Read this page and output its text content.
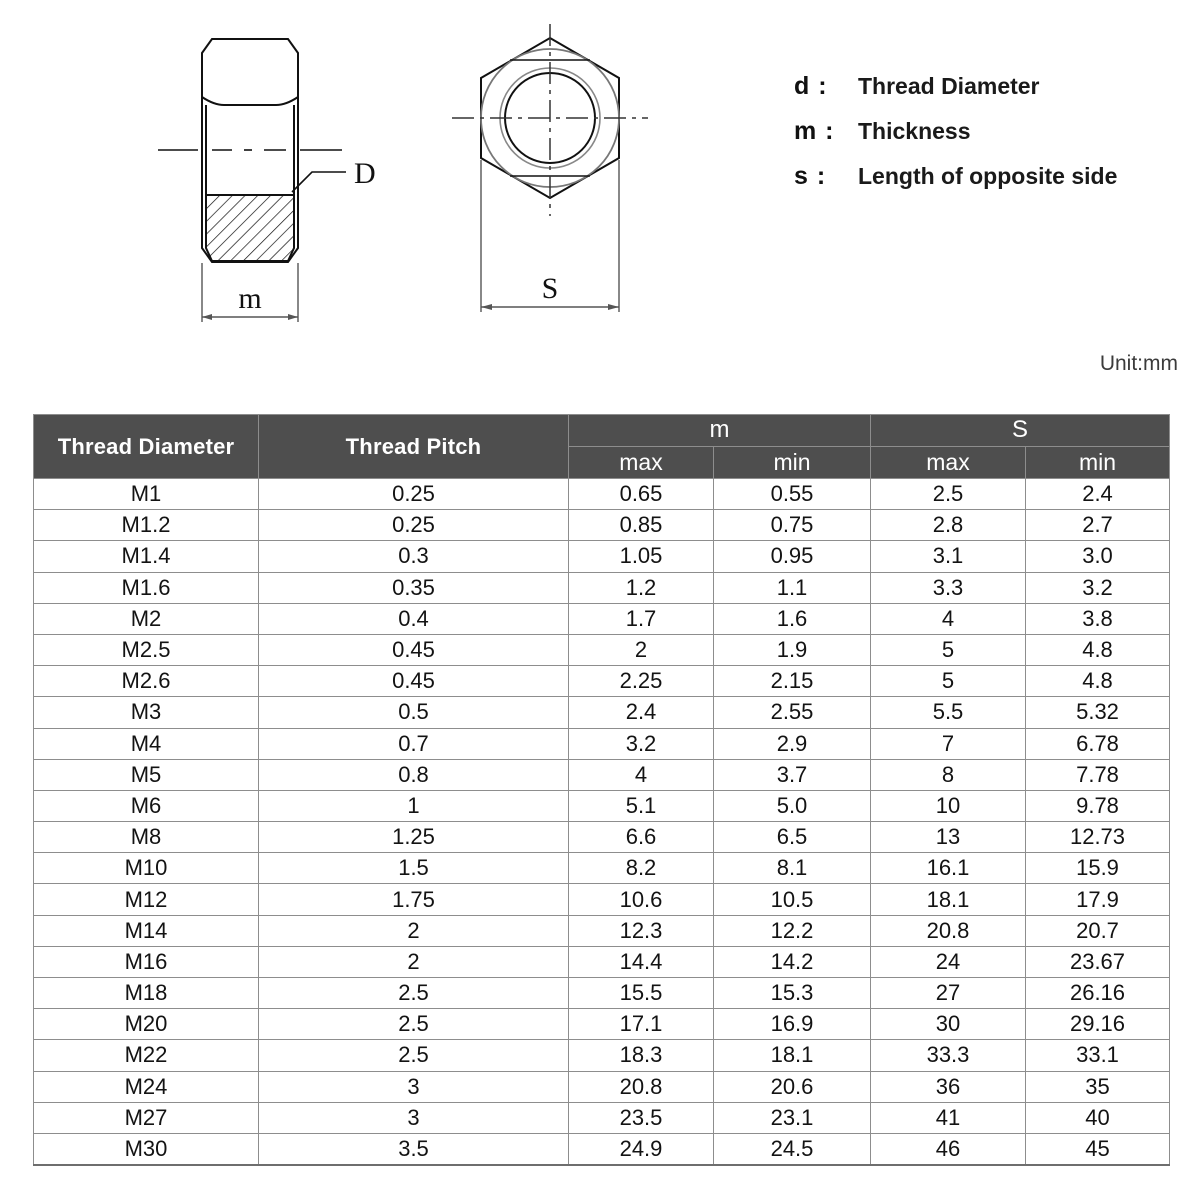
D
m	S
d :	Thread Diameter
m :	Thickness
s :	Length of opposite side
Unit:mm
Thread Diameter	Thread Pitch	m		S	
		max	min	max	min
M1	0.25	0.65	0.55	2.5	2.4
M1.2	0.25	0.85	0.75	2.8	2.7
M1.4	0.3	1.05	0.95	3.1	3.0
M1.6	0.35	1.2	1.1	3.3	3.2
M2	0.4	1.7	1.6	4	3.8
M2.5	0.45	2	1.9	5	4.8
M2.6	0.45	2.25	2.15	5	4.8
M3	0.5	2.4	2.55	5.5	5.32
M4	0.7	3.2	2.9	7	6.78
M5	0.8	4	3.7	8	7.78
M6	1	5.1	5.0	10	9.78
M8	1.25	6.6	6.5	13	12.73
M10	1.5	8.2	8.1	16.1	15.9
M12	1.75	10.6	10.5	18.1	17.9
M14	2	12.3	12.2	20.8	20.7
M16	2	14.4	14.2	24	23.67
M18	2.5	15.5	15.3	27	26.16
M20	2.5	17.1	16.9	30	29.16
M22	2.5	18.3	18.1	33.3	33.1
M24	3	20.8	20.6	36	35
M27	3	23.5	23.1	41	40
M30	3.5	24.9	24.5	46	45
